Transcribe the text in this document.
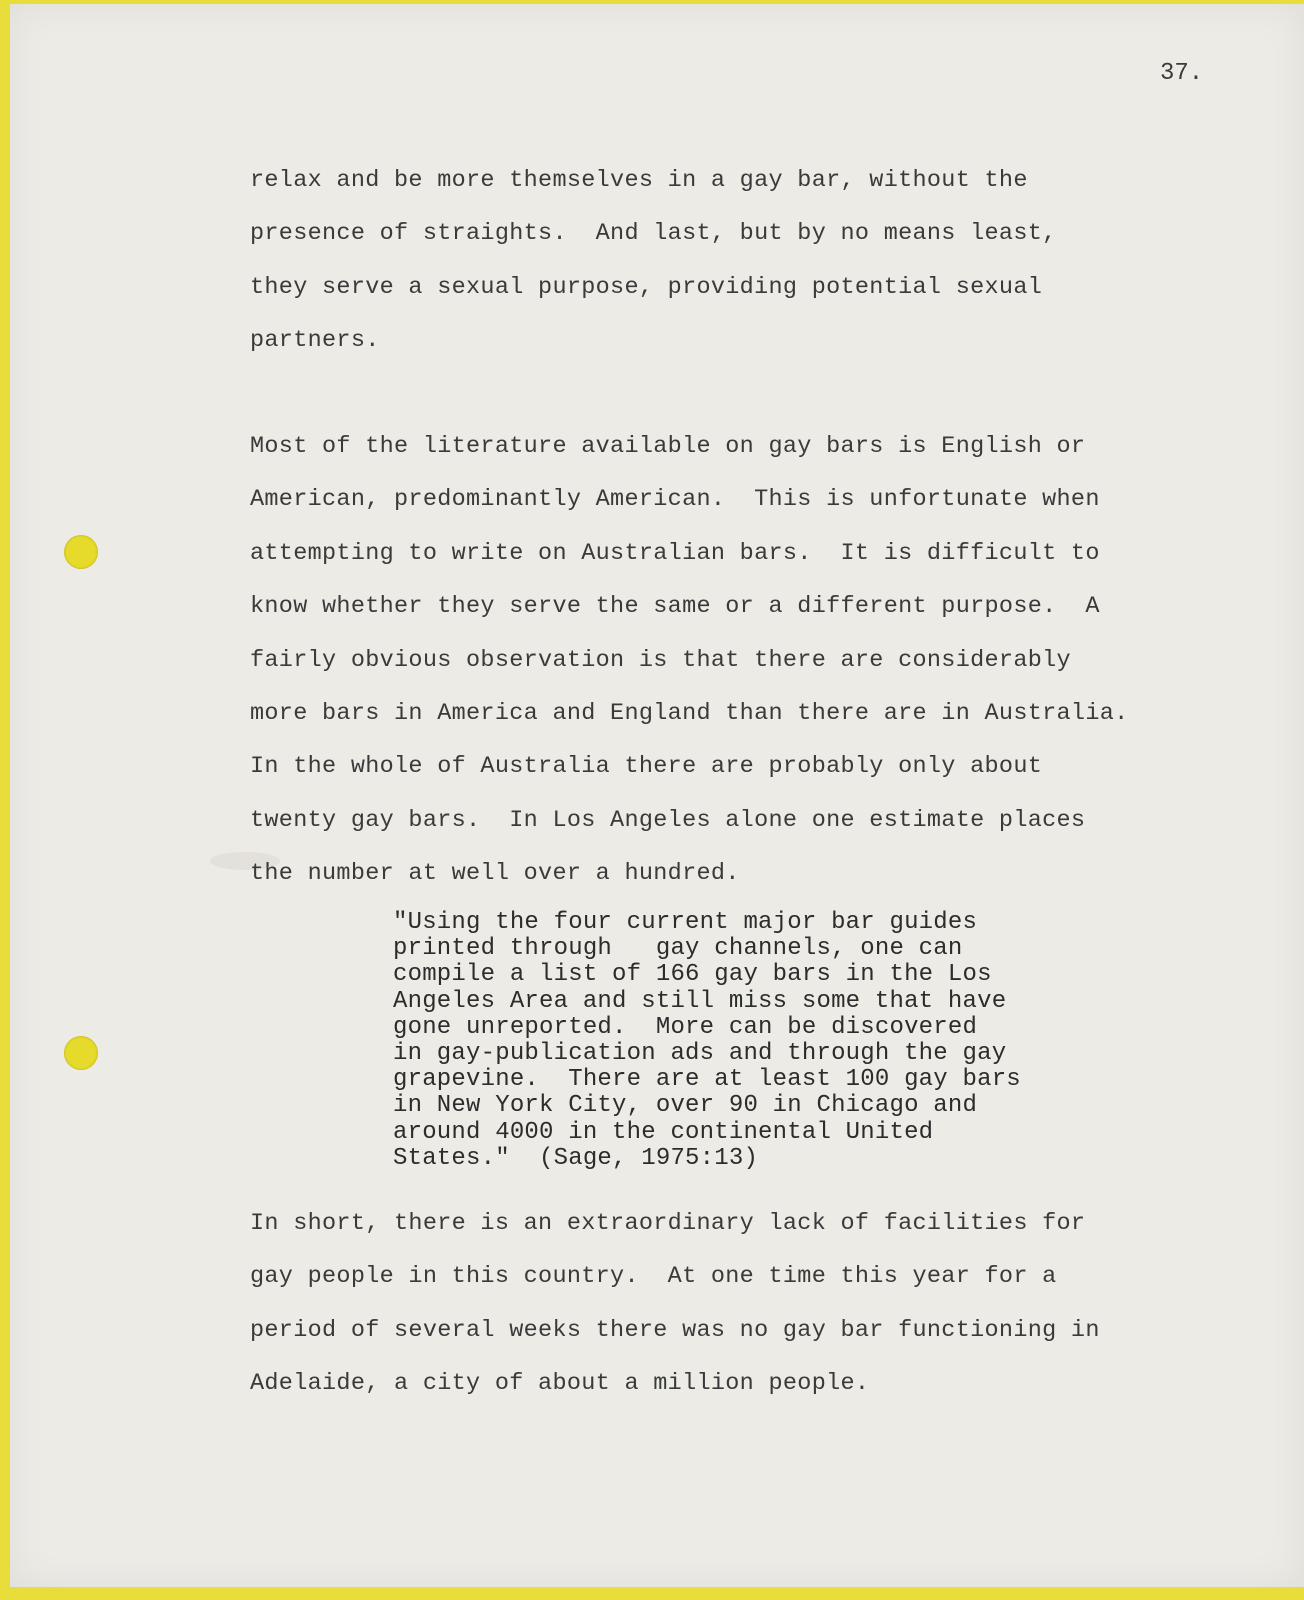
37.
relax and be more themselves in a gay bar, without the
presence of straights.  And last, but by no means least,
they serve a sexual purpose, providing potential sexual
partners.
Most of the literature available on gay bars is English or
American, predominantly American.  This is unfortunate when
attempting to write on Australian bars.  It is difficult to
know whether they serve the same or a different purpose.  A
fairly obvious observation is that there are considerably
more bars in America and England than there are in Australia.
In the whole of Australia there are probably only about
twenty gay bars.  In Los Angeles alone one estimate places
the number at well over a hundred.
"Using the four current major bar guides
printed through   gay channels, one can
compile a list of 166 gay bars in the Los
Angeles Area and still miss some that have
gone unreported.  More can be discovered
in gay-publication ads and through the gay
grapevine.  There are at least 100 gay bars
in New York City, over 90 in Chicago and
around 4000 in the continental United
States."  (Sage, 1975:13)
In short, there is an extraordinary lack of facilities for
gay people in this country.  At one time this year for a
period of several weeks there was no gay bar functioning in
Adelaide, a city of about a million people.
